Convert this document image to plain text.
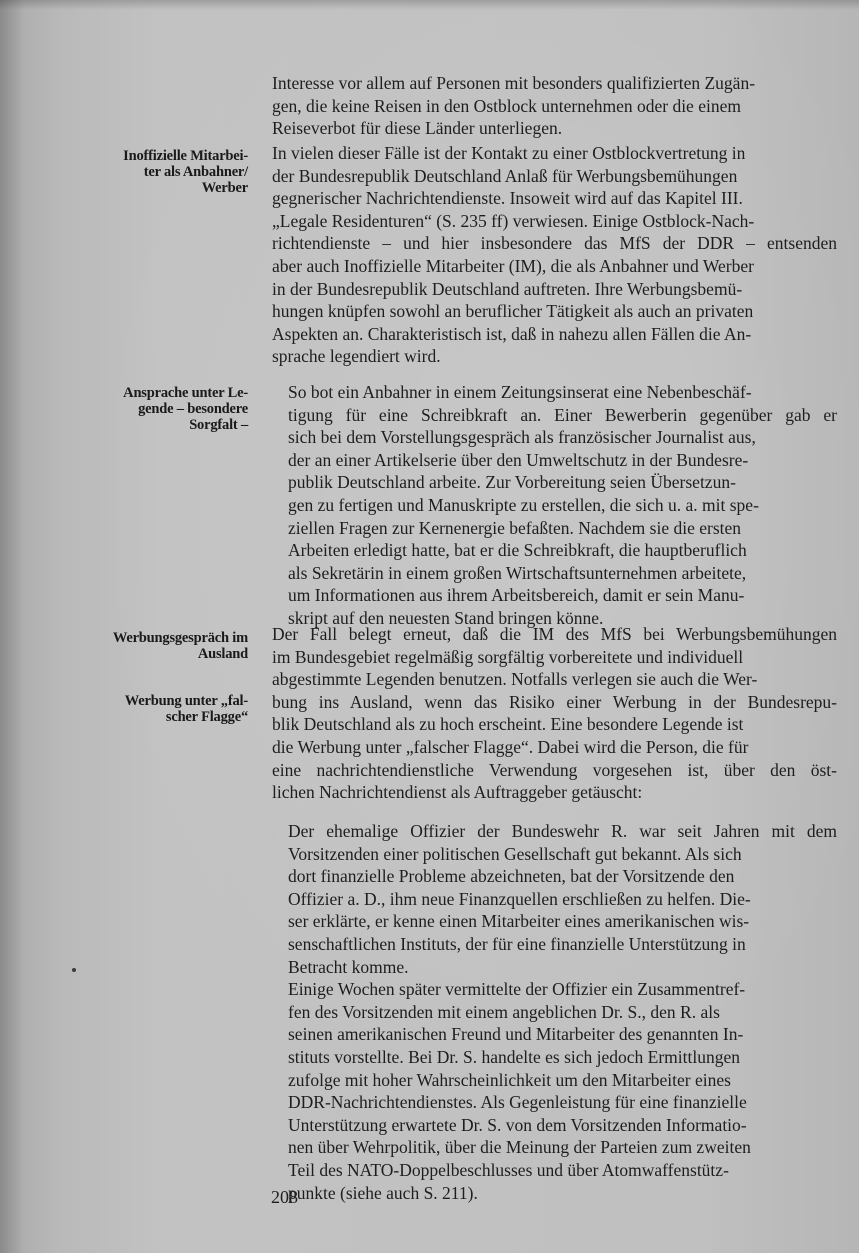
Inoffizielle Mitarbei-
ter als Anbahner/
Werber
Ansprache unter Le-
gende – besondere
Sorgfalt –
Werbungsgespräch im
Ausland
Werbung unter „fal-
scher Flagge“
Interesse vor allem auf Personen mit besonders qualifizierten Zugän-
gen, die keine Reisen in den Ostblock unternehmen oder die einem
Reiseverbot für diese Länder unterliegen.
In vielen dieser Fälle ist der Kontakt zu einer Ostblockvertretung in
der Bundesrepublik Deutschland Anlaß für Werbungsbemühungen
gegnerischer Nachrichtendienste. Insoweit wird auf das Kapitel III.
„Legale Residenturen“ (S. 235 ff) verwiesen. Einige Ostblock-Nach-
richtendienste – und hier insbesondere das MfS der DDR – entsenden
aber auch Inoffizielle Mitarbeiter (IM), die als Anbahner und Werber
in der Bundesrepublik Deutschland auftreten. Ihre Werbungsbemü-
hungen knüpfen sowohl an beruflicher Tätigkeit als auch an privaten
Aspekten an. Charakteristisch ist, daß in nahezu allen Fällen die An-
sprache legendiert wird.
So bot ein Anbahner in einem Zeitungsinserat eine Nebenbeschäf-
tigung für eine Schreibkraft an. Einer Bewerberin gegenüber gab er
sich bei dem Vorstellungsgespräch als französischer Journalist aus,
der an einer Artikelserie über den Umweltschutz in der Bundesre-
publik Deutschland arbeite. Zur Vorbereitung seien Übersetzun-
gen zu fertigen und Manuskripte zu erstellen, die sich u. a. mit spe-
ziellen Fragen zur Kernenergie befaßten. Nachdem sie die ersten
Arbeiten erledigt hatte, bat er die Schreibkraft, die hauptberuflich
als Sekretärin in einem großen Wirtschaftsunternehmen arbeitete,
um Informationen aus ihrem Arbeitsbereich, damit er sein Manu-
skript auf den neuesten Stand bringen könne.
Der Fall belegt erneut, daß die IM des MfS bei Werbungsbemühungen
im Bundesgebiet regelmäßig sorgfältig vorbereitete und individuell
abgestimmte Legenden benutzen. Notfalls verlegen sie auch die Wer-
bung ins Ausland, wenn das Risiko einer Werbung in der Bundesrepu-
blik Deutschland als zu hoch erscheint. Eine besondere Legende ist
die Werbung unter „falscher Flagge“. Dabei wird die Person, die für
eine nachrichtendienstliche Verwendung vorgesehen ist, über den öst-
lichen Nachrichtendienst als Auftraggeber getäuscht:
Der ehemalige Offizier der Bundeswehr R. war seit Jahren mit dem
Vorsitzenden einer politischen Gesellschaft gut bekannt. Als sich
dort finanzielle Probleme abzeichneten, bat der Vorsitzende den
Offizier a. D., ihm neue Finanzquellen erschließen zu helfen. Die-
ser erklärte, er kenne einen Mitarbeiter eines amerikanischen wis-
senschaftlichen Instituts, der für eine finanzielle Unterstützung in
Betracht komme.
Einige Wochen später vermittelte der Offizier ein Zusammentref-
fen des Vorsitzenden mit einem angeblichen Dr. S., den R. als
seinen amerikanischen Freund und Mitarbeiter des genannten In-
stituts vorstellte. Bei Dr. S. handelte es sich jedoch Ermittlungen
zufolge mit hoher Wahrscheinlichkeit um den Mitarbeiter eines
DDR-Nachrichtendienstes. Als Gegenleistung für eine finanzielle
Unterstützung erwartete Dr. S. von dem Vorsitzenden Informatio-
nen über Wehrpolitik, über die Meinung der Parteien zum zweiten
Teil des NATO-Doppelbeschlusses und über Atomwaffenstütz-
punkte (siehe auch S. 211).
208
